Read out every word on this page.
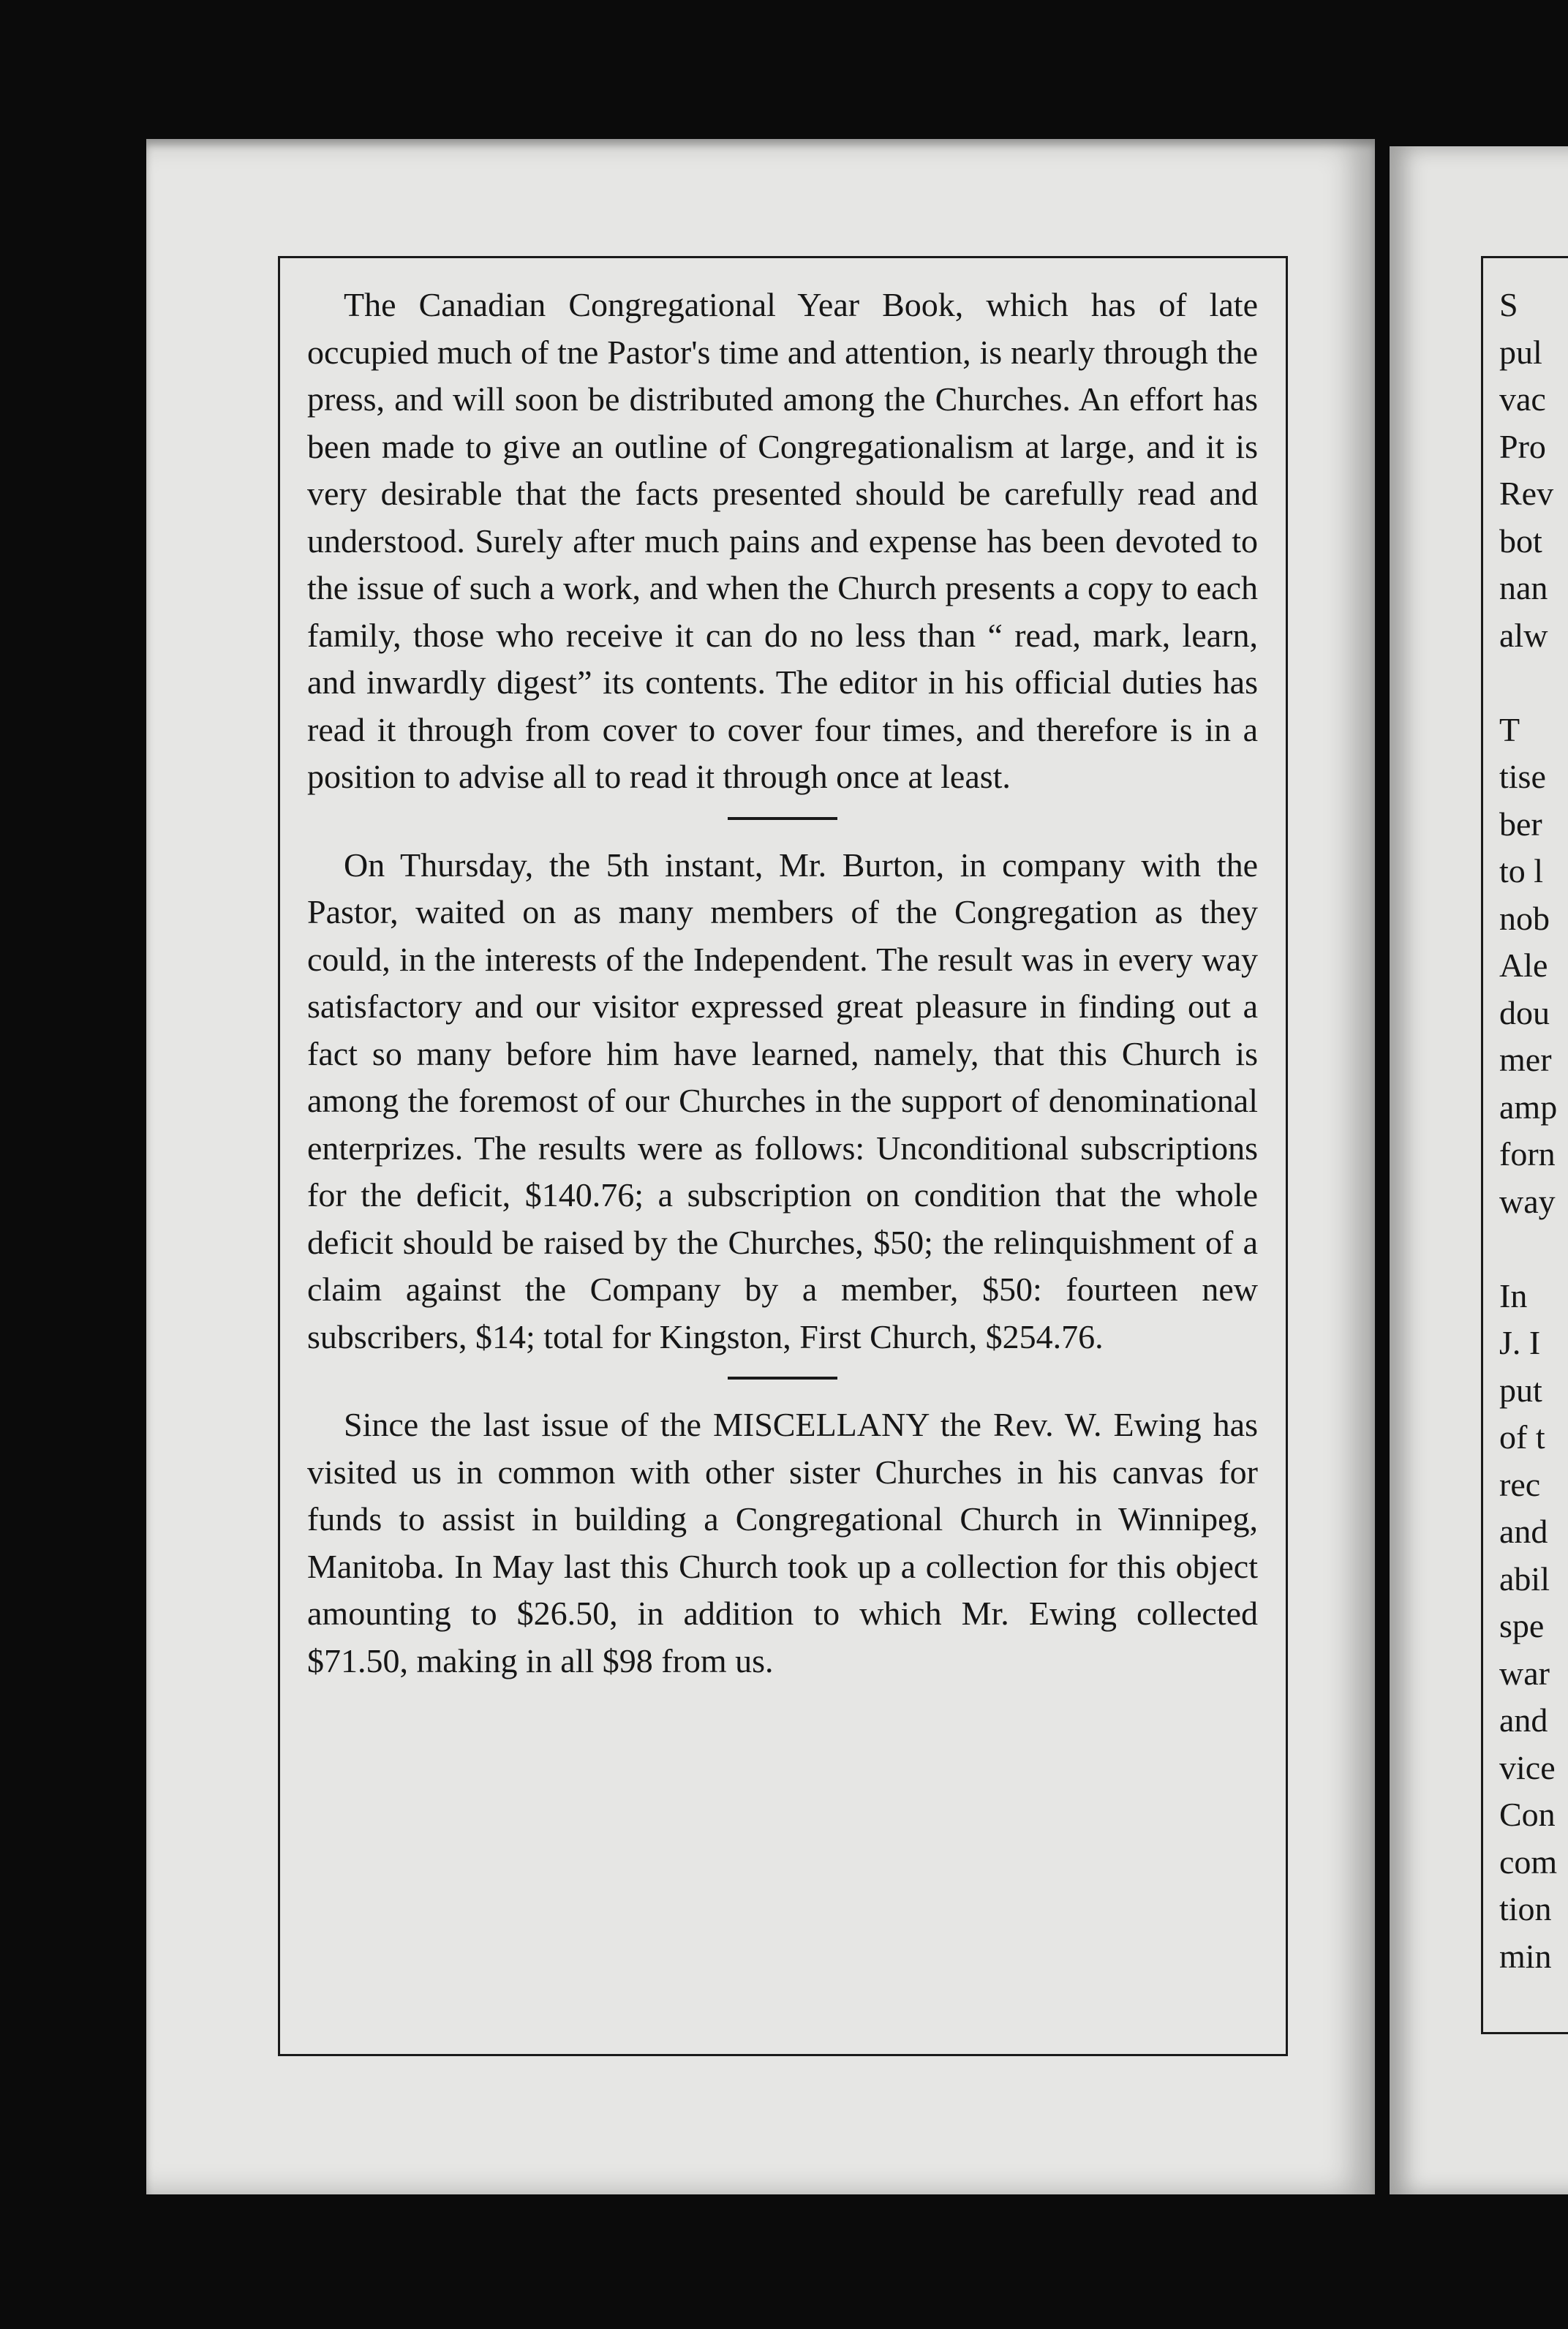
The Canadian Congregational Year Book, which has of late occupied much of tne Pastor's time and attention, is nearly through the press, and will soon be distributed among the Churches. An effort has been made to give an outline of Congregationalism at large, and it is very desirable that the facts presented should be carefully read and understood. Surely after much pains and expense has been devoted to the issue of such a work, and when the Church presents a copy to each family, those who receive it can do no less than “ read, mark, learn, and inwardly digest” its contents. The editor in his official duties has read it through from cover to cover four times, and therefore is in a position to advise all to read it through once at least.

On Thursday, the 5th instant, Mr. Burton, in company with the Pastor, waited on as many members of the Congregation as they could, in the interests of the Independent. The result was in every way satisfactory and our visitor expressed great pleasure in finding out a fact so many before him have learned, namely, that this Church is among the foremost of our Churches in the support of denominational enterprizes. The results were as follows: Unconditional subscriptions for the deficit, $140.76; a subscription on condition that the whole deficit should be raised by the Churches, $50; the relinquishment of a claim against the Company by a member, $50: fourteen new subscribers, $14; total for Kingston, First Church, $254.76.

Since the last issue of the MISCELLANY the Rev. W. Ewing has visited us in common with other sister Churches in his canvas for funds to assist in building a Congregational Church in Winnipeg, Manitoba. In May last this Church took up a collection for this object amounting to $26.50, in addition to which Mr. Ewing collected $71.50, making in all $98 from us.

S
pul
vac
Pro
Rev
bot
nan
alw
T
tise
ber
to l
nob
Ale
dou
mer
amp
forn
way
In
J. I
put
of t
rec
and
abil
spe
war
and
vice
Con
com
tion
min
